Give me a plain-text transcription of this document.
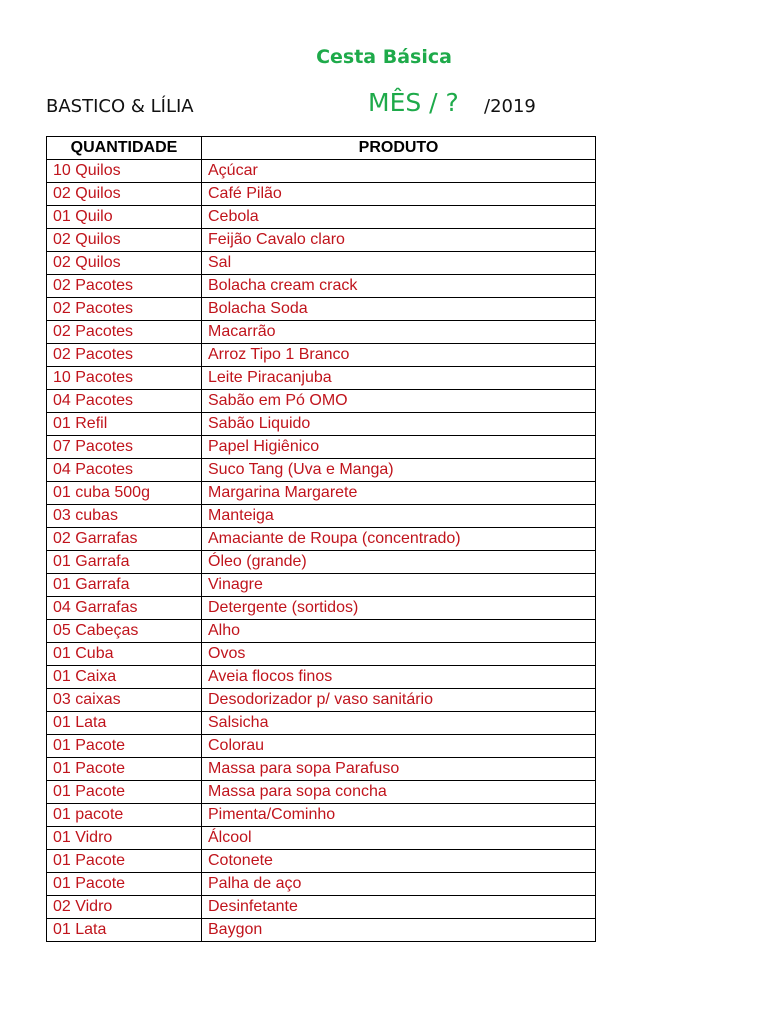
Cesta Básica
BASTICO & LÍLIA	MÊS / ? /2019
QUANTIDADE	PRODUTO
10 Quilos	Açúcar
02 Quilos	Café Pilão
01 Quilo	Cebola
02 Quilos	Feijão Cavalo claro
02 Quilos	Sal
02 Pacotes	Bolacha cream crack
02 Pacotes	Bolacha Soda
02 Pacotes	Macarrão
02 Pacotes	Arroz Tipo 1 Branco
10 Pacotes	Leite Piracanjuba
04 Pacotes	Sabão em Pó OMO
01 Refil	Sabão Liquido
07 Pacotes	Papel Higiênico
04 Pacotes	Suco Tang (Uva e Manga)
01 cuba 500g	Margarina Margarete
03 cubas	Manteiga
02 Garrafas	Amaciante de Roupa (concentrado)
01 Garrafa	Óleo (grande)
01 Garrafa	Vinagre
04 Garrafas	Detergente (sortidos)
05 Cabeças	Alho
01 Cuba	Ovos
01 Caixa	Aveia flocos finos
03 caixas	Desodorizador p/ vaso sanitário
01 Lata	Salsicha
01 Pacote	Colorau
01 Pacote	Massa para sopa Parafuso
01 Pacote	Massa para sopa concha
01 pacote	Pimenta/Cominho
01 Vidro	Álcool
01 Pacote	Cotonete
01 Pacote	Palha de aço
02 Vidro	Desinfetante
01 Lata	Baygon
